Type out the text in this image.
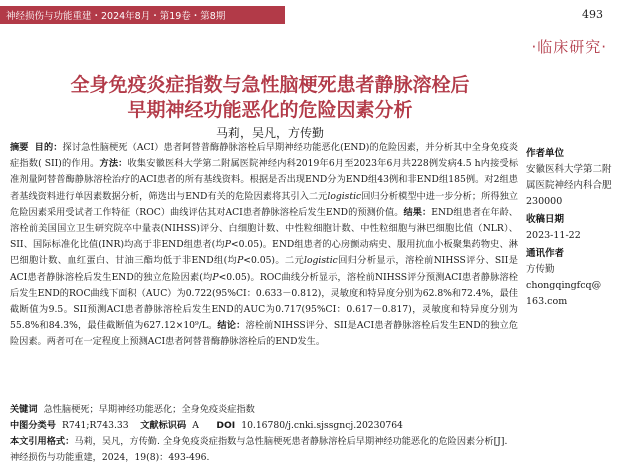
神经损伤与功能重建・2024年8月・第19卷・第8期	493
·临床研究·
全身免疫炎症指数与急性脑梗死患者静脉溶栓后
早期神经功能恶化的危险因素分析
马莉，吴凡，方传勤
摘要 目的：探讨急性脑梗死（ACI）患者阿替普酶静脉溶栓后早期神经功能恶化(END)的危险因素，并分析其中全身免疫炎症指数( SII)的作用。方法：收集安徽医科大学第二附属医院神经内科2019年6月至2023年6月共228例发病4.5 h内接受标准剂量阿替普酶静脉溶栓治疗的ACI患者的所有基线资料。根据是否出现END分为END组43例和非END组185例。对2组患者基线资料进行单因素数据分析，筛选出与END有关的危险因素将其引入二元logistic回归分析模型中进一步分析；所得独立危险因素采用受试者工作特征（ROC）曲线评估其对ACI患者静脉溶栓后发生END的预测价值。结果：END组患者在年龄、溶栓前美国国立卫生研究院卒中量表(NIHSS)评分、白细胞计数、中性粒细胞计数、中性粒细胞与淋巴细胞比值（NLR）、SII、国际标准化比值(INR)均高于非END组患者(均P<0.05)。END组患者的心房颤动病史、服用抗血小板聚集药物史、淋巴细胞计数、血红蛋白、甘油三酯均低于非END组(均P<0.05)。二元logistic回归分析显示，溶栓前NIHSS评分、SII是ACI患者静脉溶栓后发生END的独立危险因素(均P<0.05)。ROC曲线分析显示，溶栓前NIHSS评分预测ACI患者静脉溶栓后发生END的ROC曲线下面积（AUC）为0.722(95%CI：0.633－0.812)，灵敏度和特异度分别为62.8%和72.4%，最佳截断值为9.5。SII预测ACI患者静脉溶栓后发生END的AUC为0.717(95%CI：0.617－0.817)，灵敏度和特异度分别为55.8%和84.3%，最佳截断值为627.12×10⁹/L。结论：溶栓前NIHSS评分、SII是ACI患者静脉溶栓后发生END的独立危险因素。两者可在一定程度上预测ACI患者阿替普酶静脉溶栓后的END发生。
关键词 急性脑梗死；早期神经功能恶化；全身免疫炎症指数
中图分类号 R741;R743.33 文献标识码 A DOI 10.16780/j.cnki.sjssgncj.20230764
本文引用格式：马莉，吴凡，方传勤. 全身免疫炎症指数与急性脑梗死患者静脉溶栓后早期神经功能恶化的危险因素分析[J]. 神经损伤与功能重建，2024，19(8)：493-496.
作者单位
安徽医科大学第二附属医院神经内科合肥 230000
收稿日期
2023-11-22
通讯作者
方传勤
chongqingfcq@
163.com
